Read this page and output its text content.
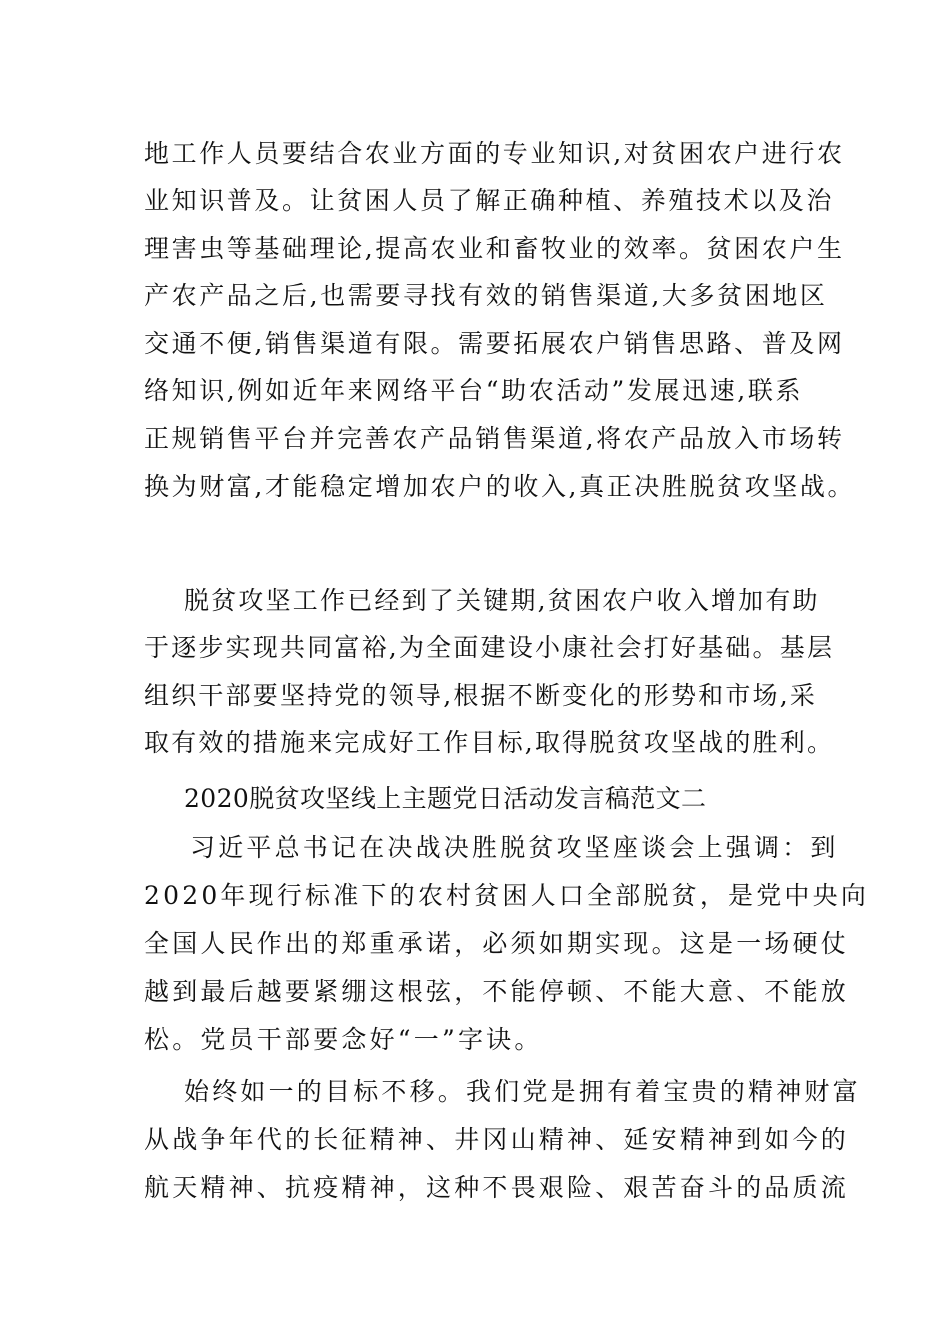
地工作人员要结合农业方面的专业知识,对贫困农户进行农

业知识普及。让贫困人员了解正确种植、养殖技术以及治

理害虫等基础理论,提高农业和畜牧业的效率。贫困农户生

产农产品之后,也需要寻找有效的销售渠道,大多贫困地区

交通不便,销售渠道有限。需要拓展农户销售思路、普及网

络知识,例如近年来网络平台“助农活动”发展迅速,联系

正规销售平台并完善农产品销售渠道,将农产品放入市场转

换为财富,才能稳定增加农户的收入,真正决胜脱贫攻坚战。

脱贫攻坚工作已经到了关键期,贫困农户收入增加有助

于逐步实现共同富裕,为全面建设小康社会打好基础。基层

组织干部要坚持党的领导,根据不断变化的形势和市场,采

取有效的措施来完成好工作目标,取得脱贫攻坚战的胜利。

2020脱贫攻坚线上主题党日活动发言稿范文二

习近平总书记在决战决胜脱贫攻坚座谈会上强调：到

2020年现行标准下的农村贫困人口全部脱贫，是党中央向

全国人民作出的郑重承诺，必须如期实现。这是一场硬仗

越到最后越要紧绷这根弦，不能停顿、不能大意、不能放

松。党员干部要念好“一”字诀。

始终如一的目标不移。我们党是拥有着宝贵的精神财富

从战争年代的长征精神、井冈山精神、延安精神到如今的

航天精神、抗疫精神，这种不畏艰险、艰苦奋斗的品质流
